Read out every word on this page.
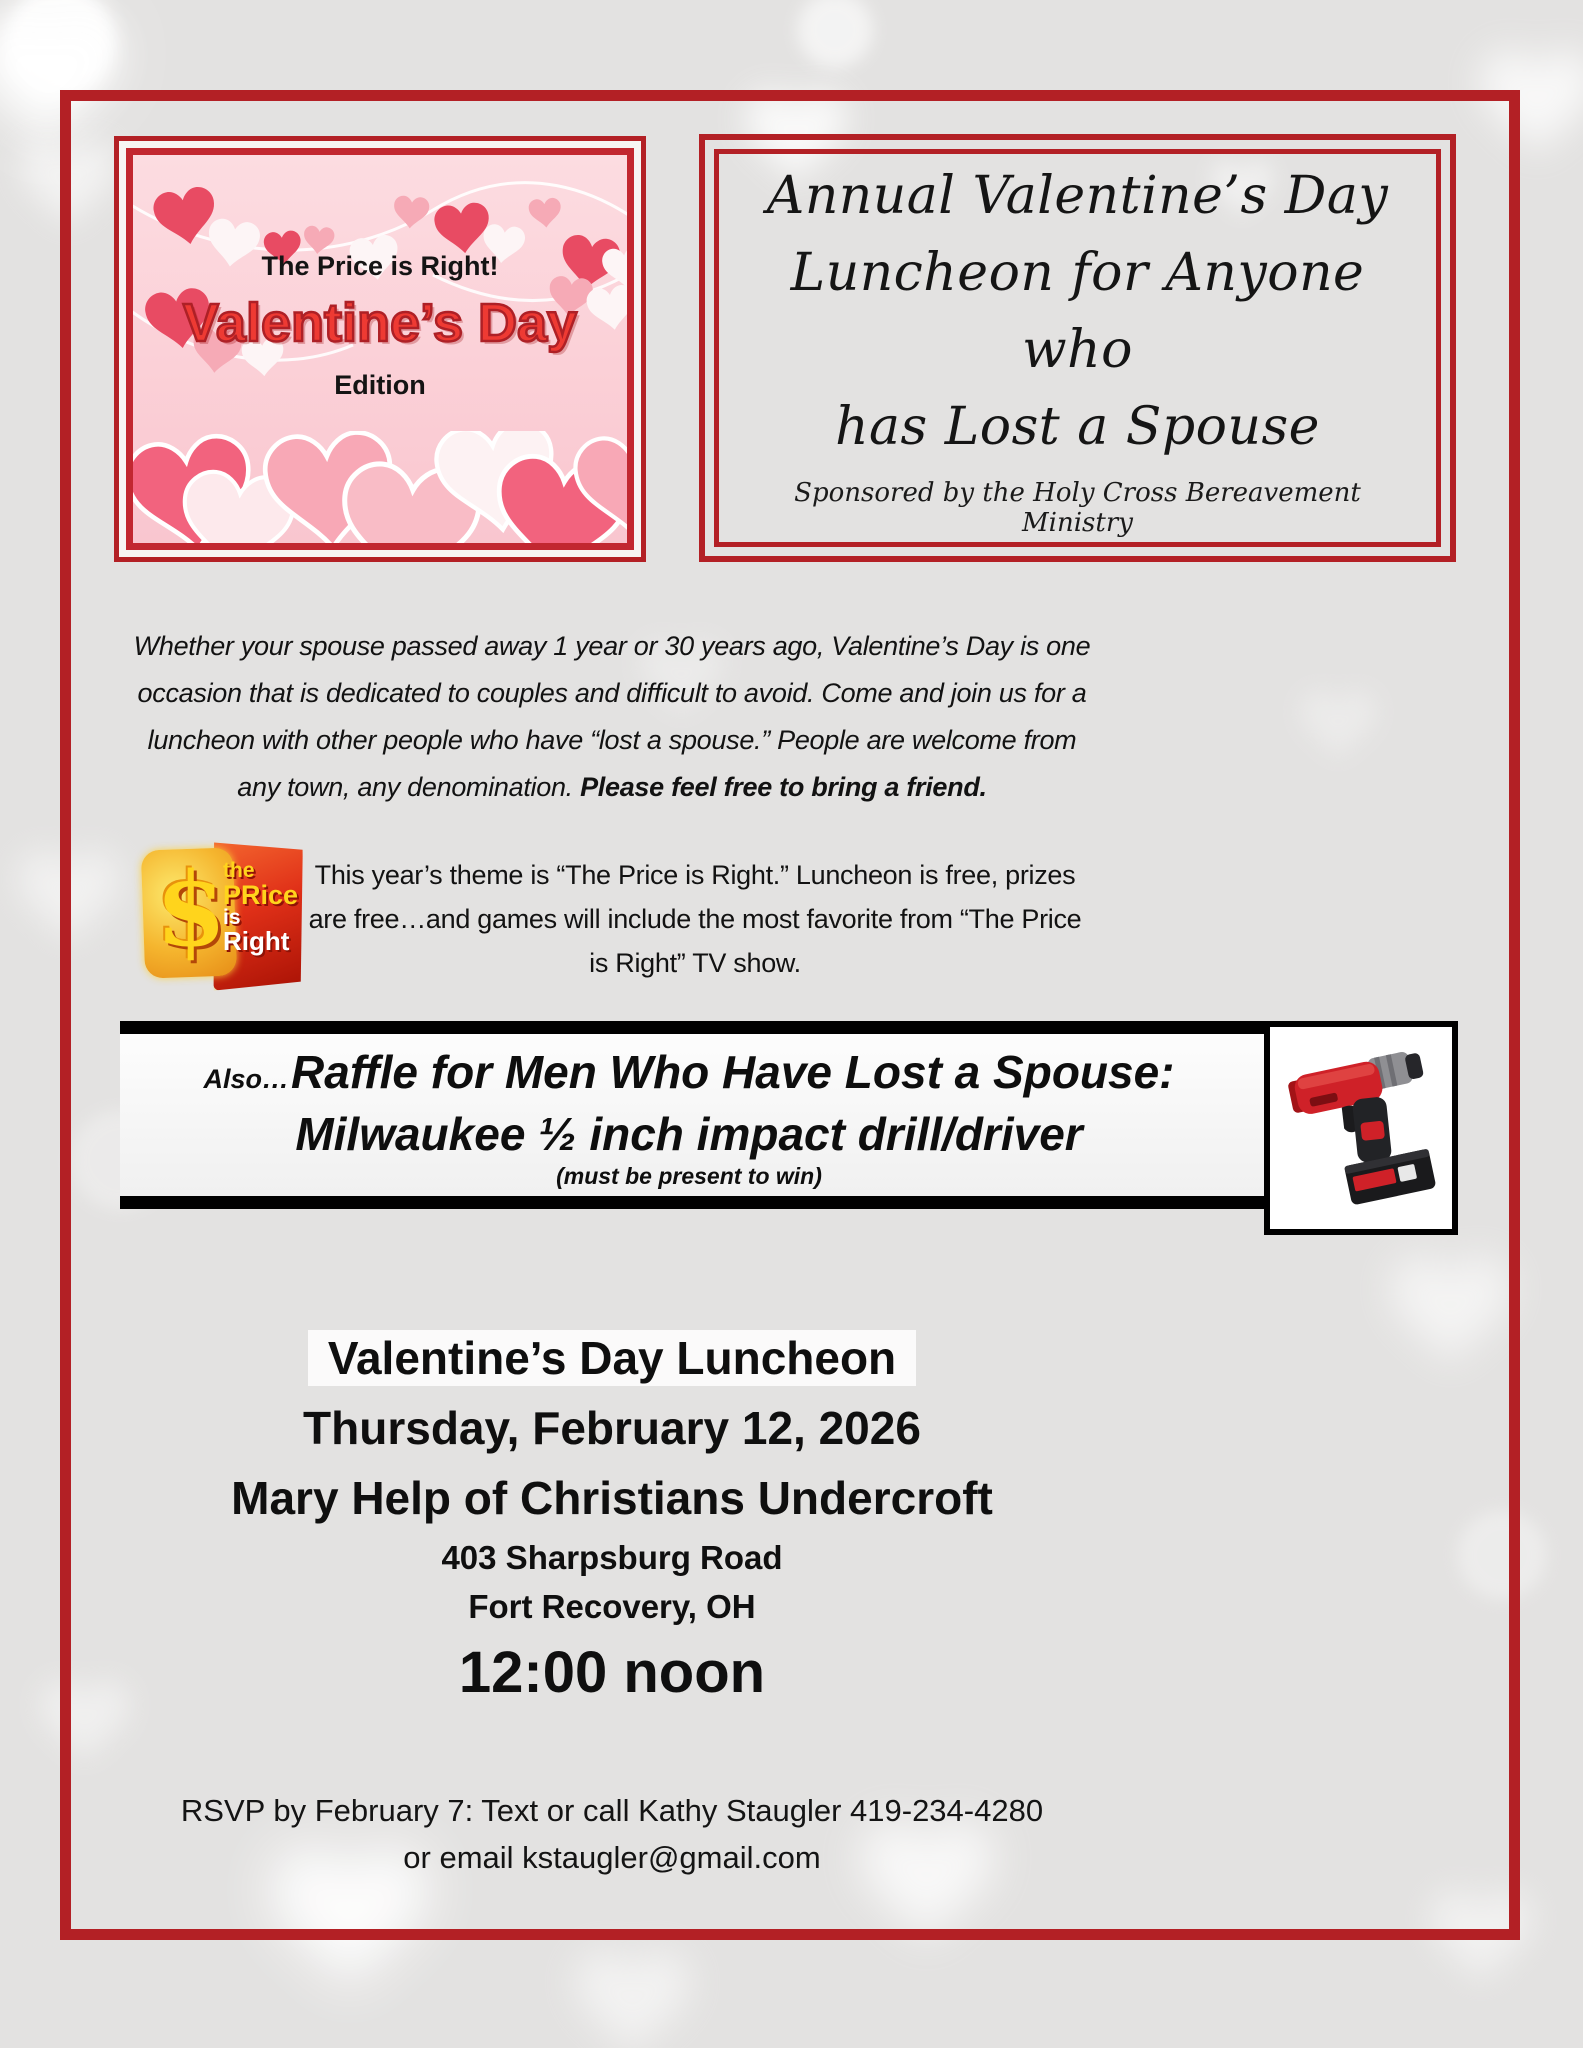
The Price is Right!
Valentine’s Day
Edition
Annual Valentine’s Day
Luncheon for Anyone who
has Lost a Spouse
Sponsored by the Holy Cross Bereavement Ministry
Whether your spouse passed away 1 year or 30 years ago, Valentine’s Day is one
occasion that is dedicated to couples and difficult to avoid. Come and join us for a
luncheon with other people who have “lost a spouse.” People are welcome from
any town, any denomination. Please feel free to bring a friend.
$
the
PRice
is
Right
This year’s theme is “The Price is Right.” Luncheon is free, prizes
are free…and games will include the most favorite from “The Price
is Right” TV show.
Also…Raffle for Men Who Have Lost a Spouse:
Milwaukee ½ inch impact drill/driver
(must be present to win)
Valentine’s Day Luncheon
Thursday, February 12, 2026
Mary Help of Christians Undercroft
403 Sharpsburg Road
Fort Recovery, OH
12:00 noon
RSVP by February 7: Text or call Kathy Staugler 419-234-4280
or email kstaugler@gmail.com
